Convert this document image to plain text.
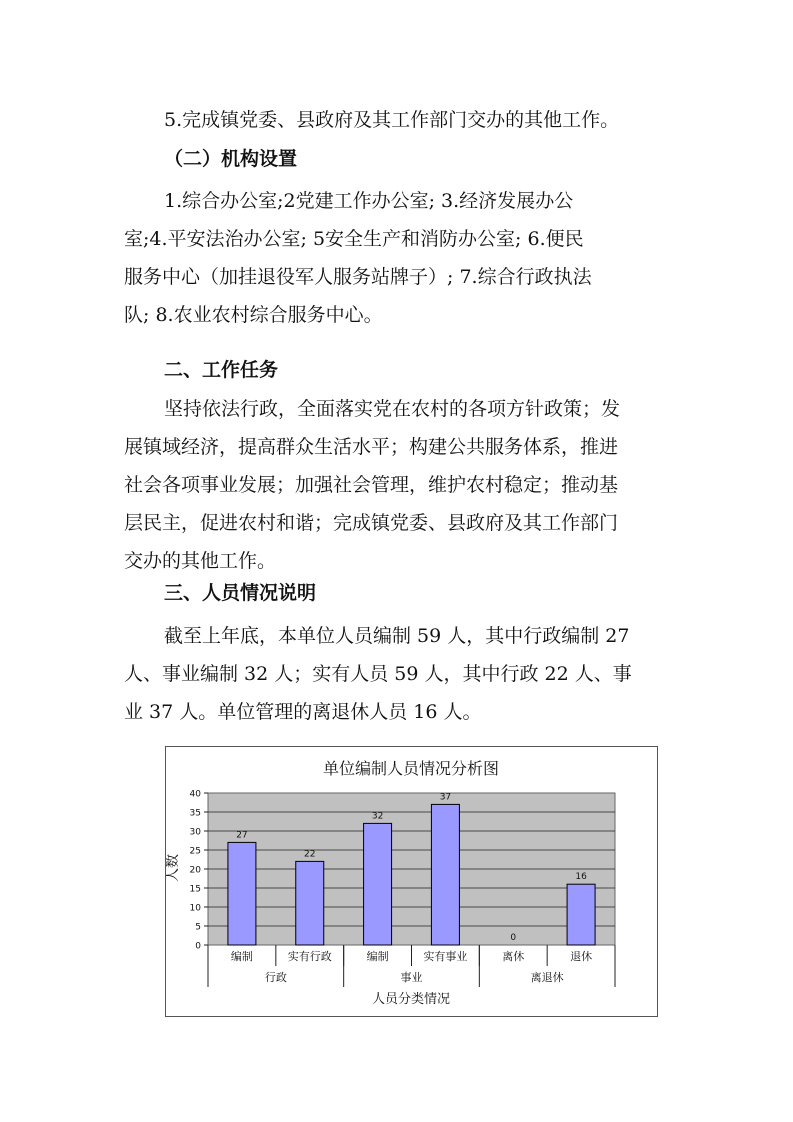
5.完成镇党委、县政府及其工作部门交办的其他工作。
（二）机构设置
1.综合办公室;2党建工作办公室; 3.经济发展办公
室;4.平安法治办公室; 5安全生产和消防办公室; 6.便民
服务中心（加挂退役军人服务站牌子）; 7.综合行政执法
队; 8.农业农村综合服务中心。
二、工作任务
坚持依法行政，全面落实党在农村的各项方针政策；发
展镇域经济，提高群众生活水平；构建公共服务体系，推进
社会各项事业发展；加强社会管理，维护农村稳定；推动基
层民主，促进农村和谐；完成镇党委、县政府及其工作部门
交办的其他工作。
三、人员情况说明
截至上年底，本单位人员编制 59 人，其中行政编制 27
人、事业编制 32 人；实有人员 59 人，其中行政 22 人、事
业 37 人。单位管理的离退休人员 16 人。
单位编制人员情况分析图
人数
人员分类情况
0
5
10
15
20
25
30
35
40
27
22
32
37
0
16
编制	实有行政	编制	实有事业	离休	退休
行政	事业	离退休
